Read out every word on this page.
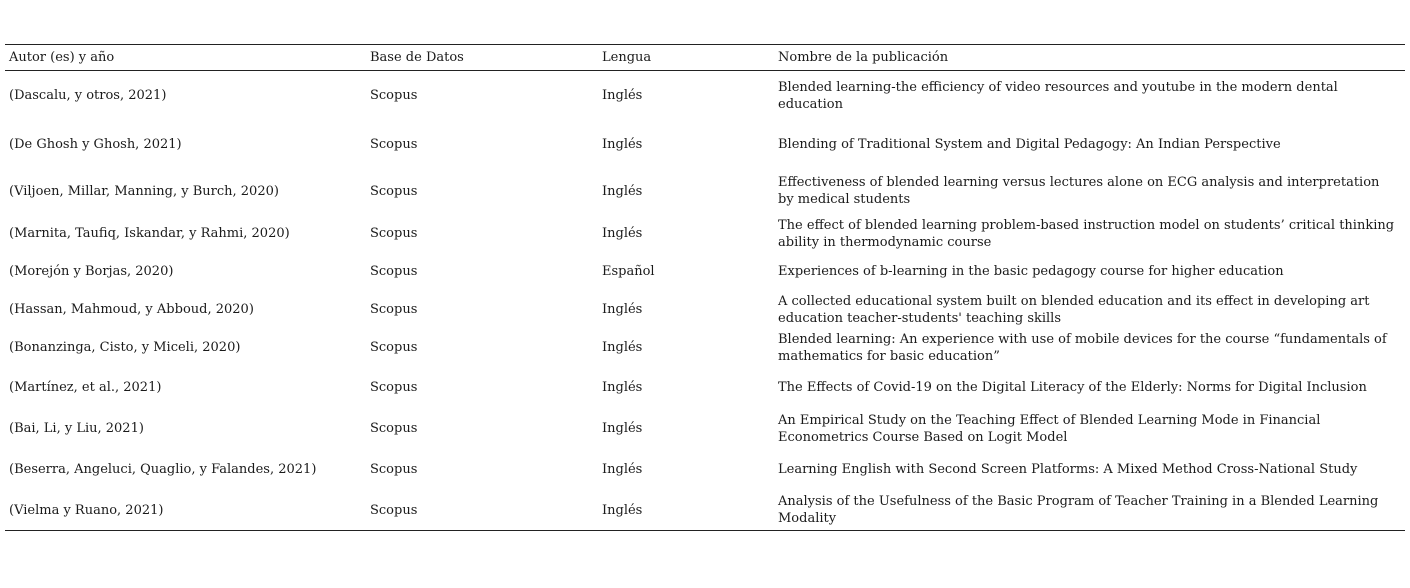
Autor (es) y año	Base de Datos	Lengua	Nombre de la publicación
(Dascalu, y otros, 2021)	Scopus	Inglés	Blended learning-the efficiency of video resources and youtube in the modern dental education
(De Ghosh y Ghosh, 2021)	Scopus	Inglés	Blending of Traditional System and Digital Pedagogy: An Indian Perspective
(Viljoen, Millar, Manning, y Burch, 2020)	Scopus	Inglés	Effectiveness of blended learning versus lectures alone on ECG analysis and interpretation by medical students
(Marnita, Taufiq, Iskandar, y Rahmi, 2020)	Scopus	Inglés	The effect of blended learning problem-based instruction model on students’ critical thinking ability in thermodynamic course
(Morejón y Borjas, 2020)	Scopus	Español	Experiences of b-learning in the basic pedagogy course for higher education
(Hassan, Mahmoud, y Abboud, 2020)	Scopus	Inglés	A collected educational system built on blended education and its effect in developing art education teacher-students' teaching skills
(Bonanzinga, Cisto, y Miceli, 2020)	Scopus	Inglés	Blended learning: An experience with use of mobile devices for the course “fundamentals of mathematics for basic education”
(Martínez, et al., 2021)	Scopus	Inglés	The Effects of Covid-19 on the Digital Literacy of the Elderly: Norms for Digital Inclusion
(Bai, Li, y Liu, 2021)	Scopus	Inglés	An Empirical Study on the Teaching Effect of Blended Learning Mode in Financial Econometrics Course Based on Logit Model
(Beserra, Angeluci, Quaglio, y Falandes, 2021)	Scopus	Inglés	Learning English with Second Screen Platforms: A Mixed Method Cross-National Study
(Vielma y Ruano, 2021)	Scopus	Inglés	Analysis of the Usefulness of the Basic Program of Teacher Training in a Blended Learning Modality
